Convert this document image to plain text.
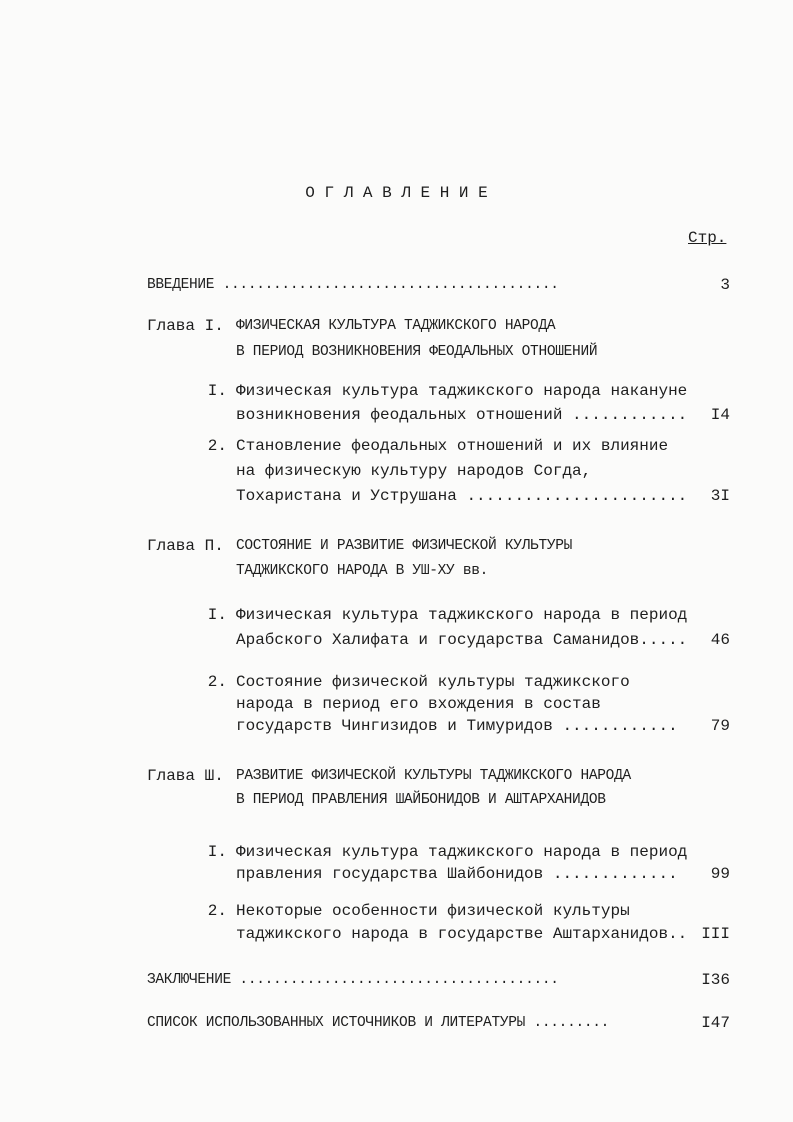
О Г Л А В Л Е Н И Е
Стр.
ВВЕДЕНИЕ ........................................	3
Глава I. ФИЗИЧЕСКАЯ КУЛЬТУРА ТАДЖИКСКОГО НАРОДА
В ПЕРИОД ВОЗНИКНОВЕНИЯ ФЕОДАЛЬНЫХ ОТНОШЕНИЙ
I. Физическая культура таджикского народа накануне
возникновения феодальных отношений ............ I4
2. Становление феодальных отношений и их влияние
на физическую культуру народов Согда,
Тохаристана и Уструшана ....................... 3I
Глава П. СОСТОЯНИЕ И РАЗВИТИЕ ФИЗИЧЕСКОЙ КУЛЬТУРЫ
ТАДЖИКСКОГО НАРОДА В УШ-ХУ вв.
I. Физическая культура таджикского народа в период
Арабского Халифата и государства Саманидов..... 46
2. Состояние физической культуры таджикского
народа в период его вхождения в состав
государств Чингизидов и Тимуридов ............ 79
Глава Ш. РАЗВИТИЕ ФИЗИЧЕСКОЙ КУЛЬТУРЫ ТАДЖИКСКОГО НАРОДА
В ПЕРИОД ПРАВЛЕНИЯ ШАЙБОНИДОВ И АШТАРХАНИДОВ
I. Физическая культура таджикского народа в период
правления государства Шайбонидов ............. 99
2. Некоторые особенности физической культуры
таджикского народа в государстве Аштарханидов.. III
ЗАКЛЮЧЕНИЕ ......................................	I36
СПИСОК ИСПОЛЬЗОВАННЫХ ИСТОЧНИКОВ И ЛИТЕРАТУРЫ .........	I47
